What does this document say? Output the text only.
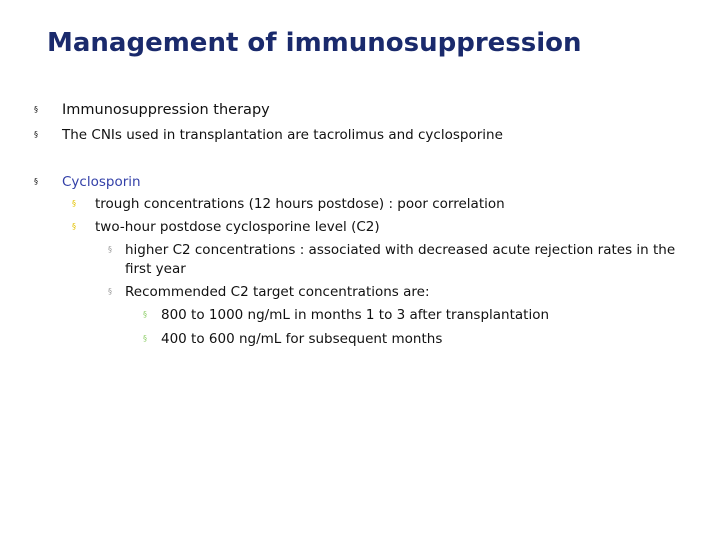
Management of immunosuppression
§ Immunosuppression therapy
§ The CNIs used in transplantation are tacrolimus and cyclosporine
§ Cyclosporin
§ trough concentrations (12 hours postdose) : poor correlation
§ two-hour postdose cyclosporine level (C2)
§ higher C2 concentrations : associated with decreased acute rejection rates in the first year
§ Recommended C2 target concentrations are:
§ 800 to 1000 ng/mL in months 1 to 3 after transplantation
§ 400 to 600 ng/mL for subsequent months
